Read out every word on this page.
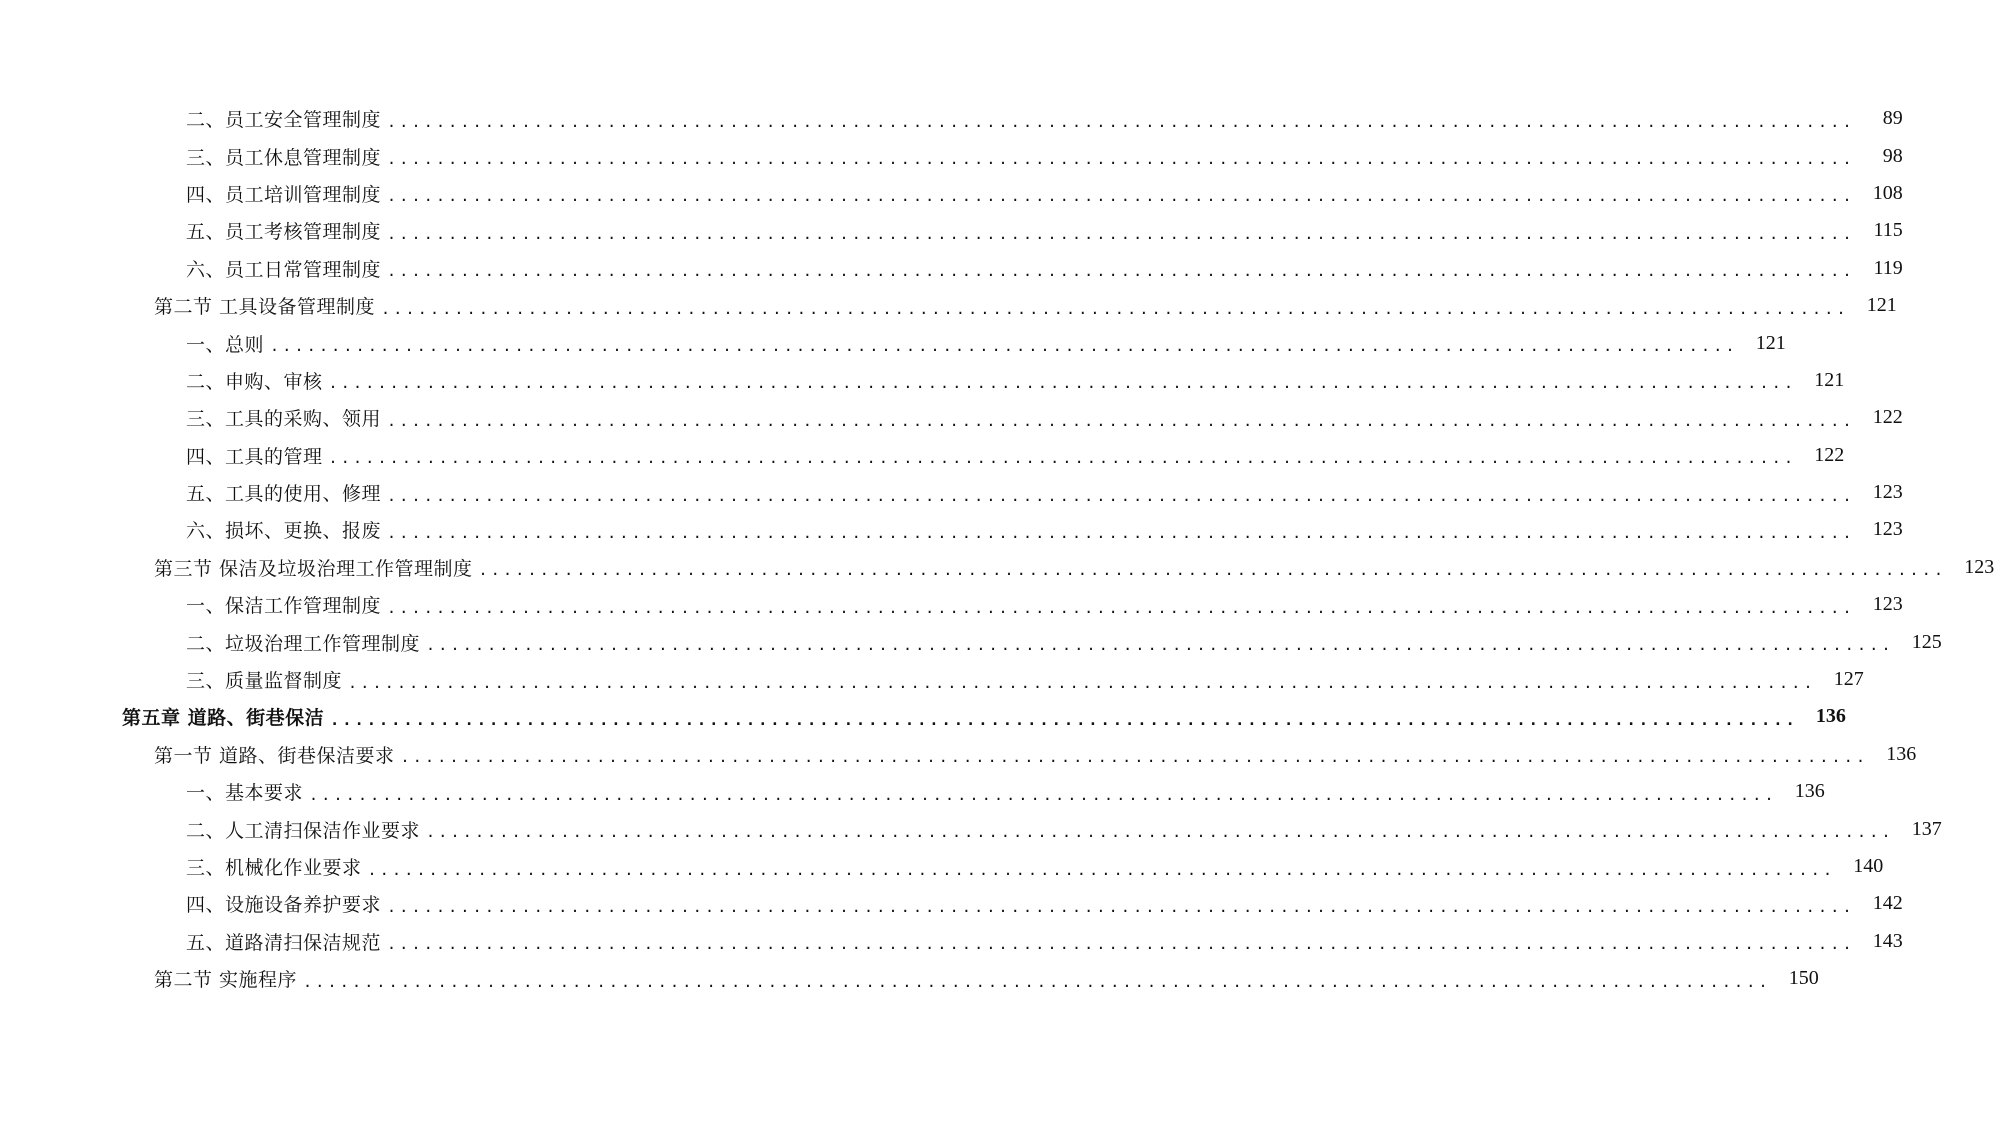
二、员工安全管理制度 ........................................................................................................................	89
三、员工休息管理制度 ........................................................................................................................	98
四、员工培训管理制度 ........................................................................................................................ 108
五、员工考核管理制度 ........................................................................................................................ 115
六、员工日常管理制度 ........................................................................................................................ 119
第二节 工具设备管理制度 ........................................................................................................................ 121
一、总则 ........................................................................................................................ 121
二、申购、审核 ........................................................................................................................ 121
三、工具的采购、领用 ........................................................................................................................ 122
四、工具的管理 ........................................................................................................................ 122
五、工具的使用、修理 ........................................................................................................................ 123
六、损坏、更换、报废 ........................................................................................................................ 123
第三节 保洁及垃圾治理工作管理制度 ........................................................................................................................ 123
一、保洁工作管理制度 ........................................................................................................................ 123
二、垃圾治理工作管理制度 ........................................................................................................................ 125
三、质量监督制度 ........................................................................................................................ 127
第五章 道路、街巷保洁 ........................................................................................................................ 136
第一节 道路、街巷保洁要求 ........................................................................................................................ 136
一、基本要求 ........................................................................................................................ 136
二、人工清扫保洁作业要求 ........................................................................................................................ 137
三、机械化作业要求 ........................................................................................................................ 140
四、设施设备养护要求 ........................................................................................................................ 142
五、道路清扫保洁规范 ........................................................................................................................ 143
第二节 实施程序 ........................................................................................................................ 150
